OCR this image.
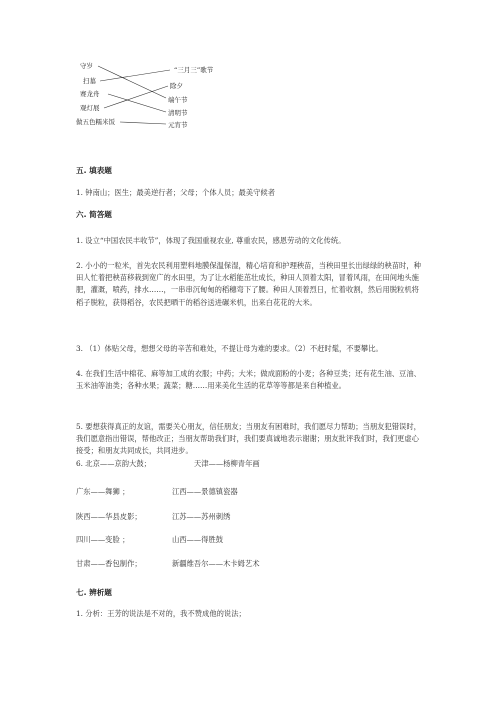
守岁
扫墓
赛龙舟
观灯展
做五色糯米饭
“三月三”歌节
除夕
端午节
清明节
元宵节
五. 填表题
1. 钟南山；医生；最美逆行者；父母；个体人员；最美守候者
六. 简答题
1. 设立“中国农民丰收节”，体现了我国重视农业, 尊重农民，感恩劳动的文化传统。
2. 小小的一粒米，首先农民利用塑料地膜保温保湿，精心培育和护理秧苗，当秧田里长出绿绿的秧苗时，种田人忙着把秧苗移栽到宽广的水田里，为了让水稻能茁壮成长，种田人顶着太阳，冒着风雨，在田间地头施肥，灌溉，喷药，排水……，一串串沉甸甸的稻穗弯下了腰。种田人顶着烈日，忙着收割，然后用脱粒机将稻子脱粒，获得稻谷，农民把晒干的稻谷送进碾米机，出来白花花的大米。
3. （1）体贴父母，想想父母的辛苦和难处，不提让母为难的要求。（2）不赶时髦，不要攀比。
4. 在我们生活中棉花、麻等加工成的衣服；中药；大米；做成面粉的小麦；各种豆类；还有花生油、豆油、玉米油等油类；各种水果；蔬菜；糖……用来美化生活的花草等等都是来自种植业。
5. 要想获得真正的友谊，需要关心朋友，信任朋友；当朋友有困难时，我们愿尽力帮助；当朋友犯错误时，我们愿意指出错误，帮他改正；当朋友帮助我们时，我们要真诚地表示谢谢；朋友批评我们时，我们更虚心接受；和朋友共同成长，共同进步。
6. 北京——京韵大鼓；	天津——杨柳青年画
广东——舞狮 ；	江西——景德镇瓷器
陕西——华县皮影；	江苏——苏州刺绣
四川——变脸 ；	山西——得胜鼓
甘肃——香包制作；	新疆维吾尔——木卡姆艺术
七. 辨析题
1. 分析：王芳的说法是不对的，我不赞成他的说法；
